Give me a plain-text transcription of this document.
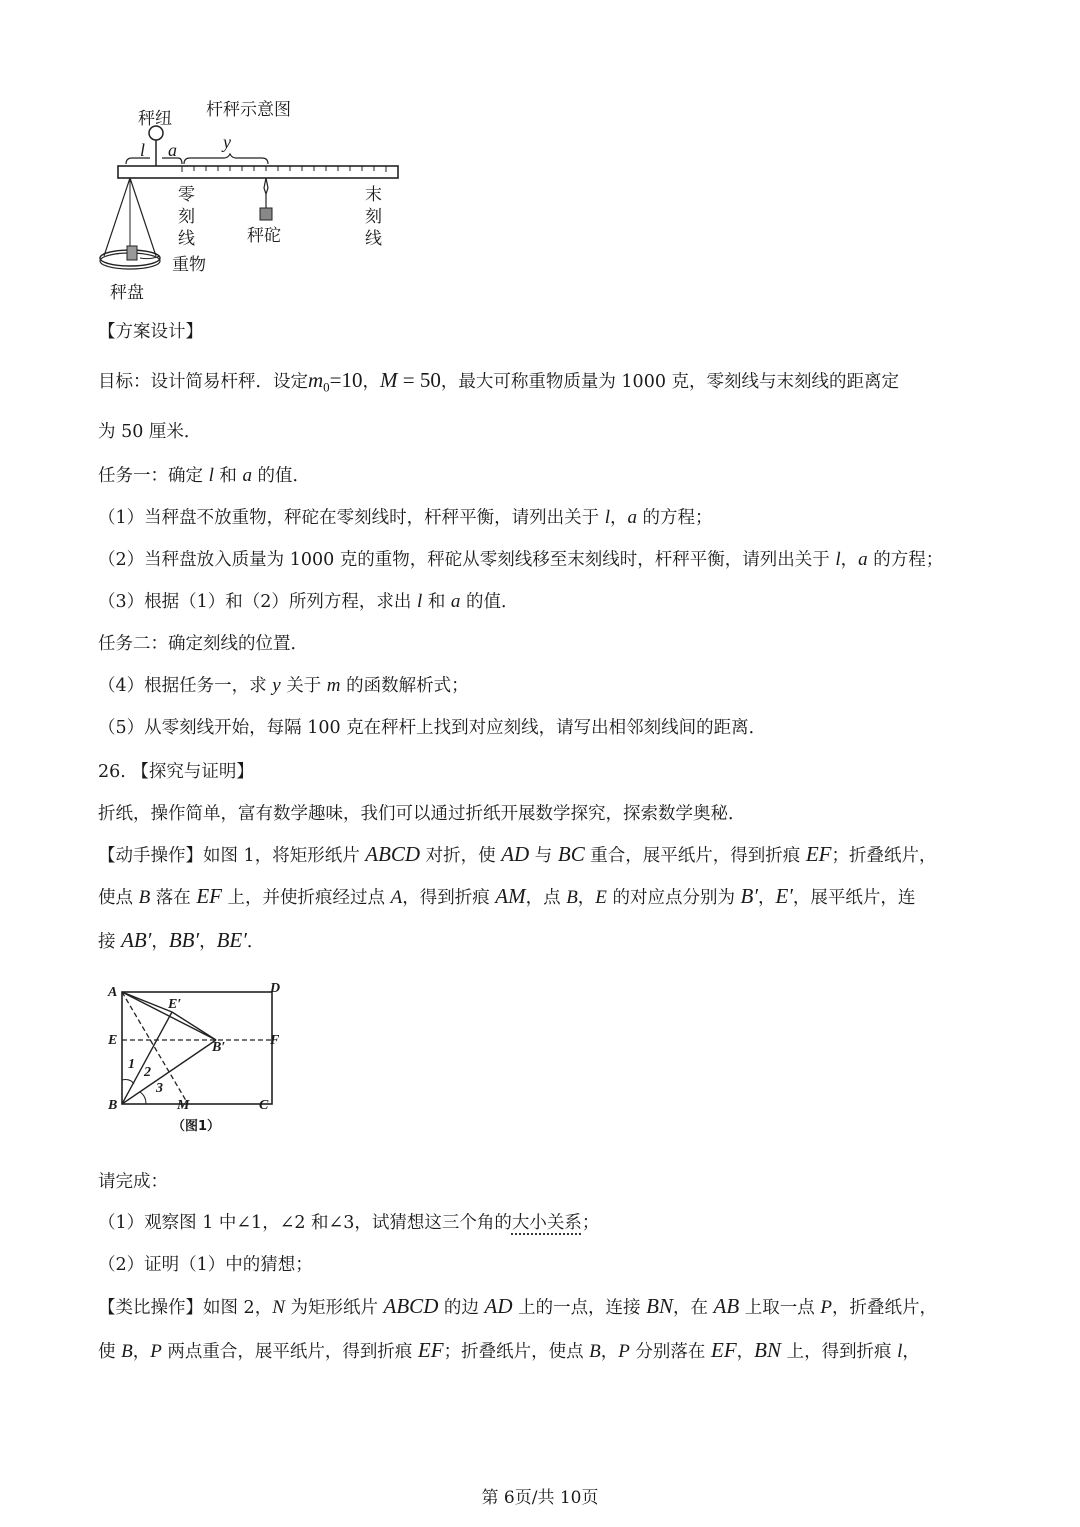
秤纽 杆秤示意图
l a	y
零
刻
线
末
刻
线
秤砣
重物
秤盘
【方案设计】
目标：设计简易杆秤．设定$m_0=10$，M = 50，最大可称重物质量为 1000 克，零刻线与末刻线的距离定
为 50 厘米．
任务一：确定 l 和 a 的值．
（1）当秤盘不放重物，秤砣在零刻线时，杆秤平衡，请列出关于 l，a 的方程；
（2）当秤盘放入质量为 1000 克的重物，秤砣从零刻线移至末刻线时，杆秤平衡，请列出关于 l，a 的方程；
（3）根据（1）和（2）所列方程，求出 l 和 a 的值．
任务二：确定刻线的位置．
（4）根据任务一，求 y 关于 m 的函数解析式；
（5）从零刻线开始，每隔 100 克在秤杆上找到对应刻线，请写出相邻刻线间的距离．
26. 【探究与证明】
折纸，操作简单，富有数学趣味，我们可以通过折纸开展数学探究，探索数学奥秘．
【动手操作】如图 1，将矩形纸片 ABCD 对折，使 AD 与 BC 重合，展平纸片，得到折痕 EF；折叠纸片，
使点 B 落在 EF 上，并使折痕经过点 A，得到折痕 AM，点 B，E 的对应点分别为 B′，E′，展平纸片，连
接 AB′，BB′，BE′．
A	D
E′
E	B′	F
1
2
3
B	M	C
（图1）
请完成：
（1）观察图 1 中∠1，∠2 和∠3，试猜想这三个角的大小关系；
（2）证明（1）中的猜想；
【类比操作】如图 2，N 为矩形纸片 ABCD 的边 AD 上的一点，连接 BN，在 AB 上取一点 P，折叠纸片，
使 B，P 两点重合，展平纸片，得到折痕 EF；折叠纸片，使点 B，P 分别落在 EF，BN 上，得到折痕 l，
第 6页/共 10页
